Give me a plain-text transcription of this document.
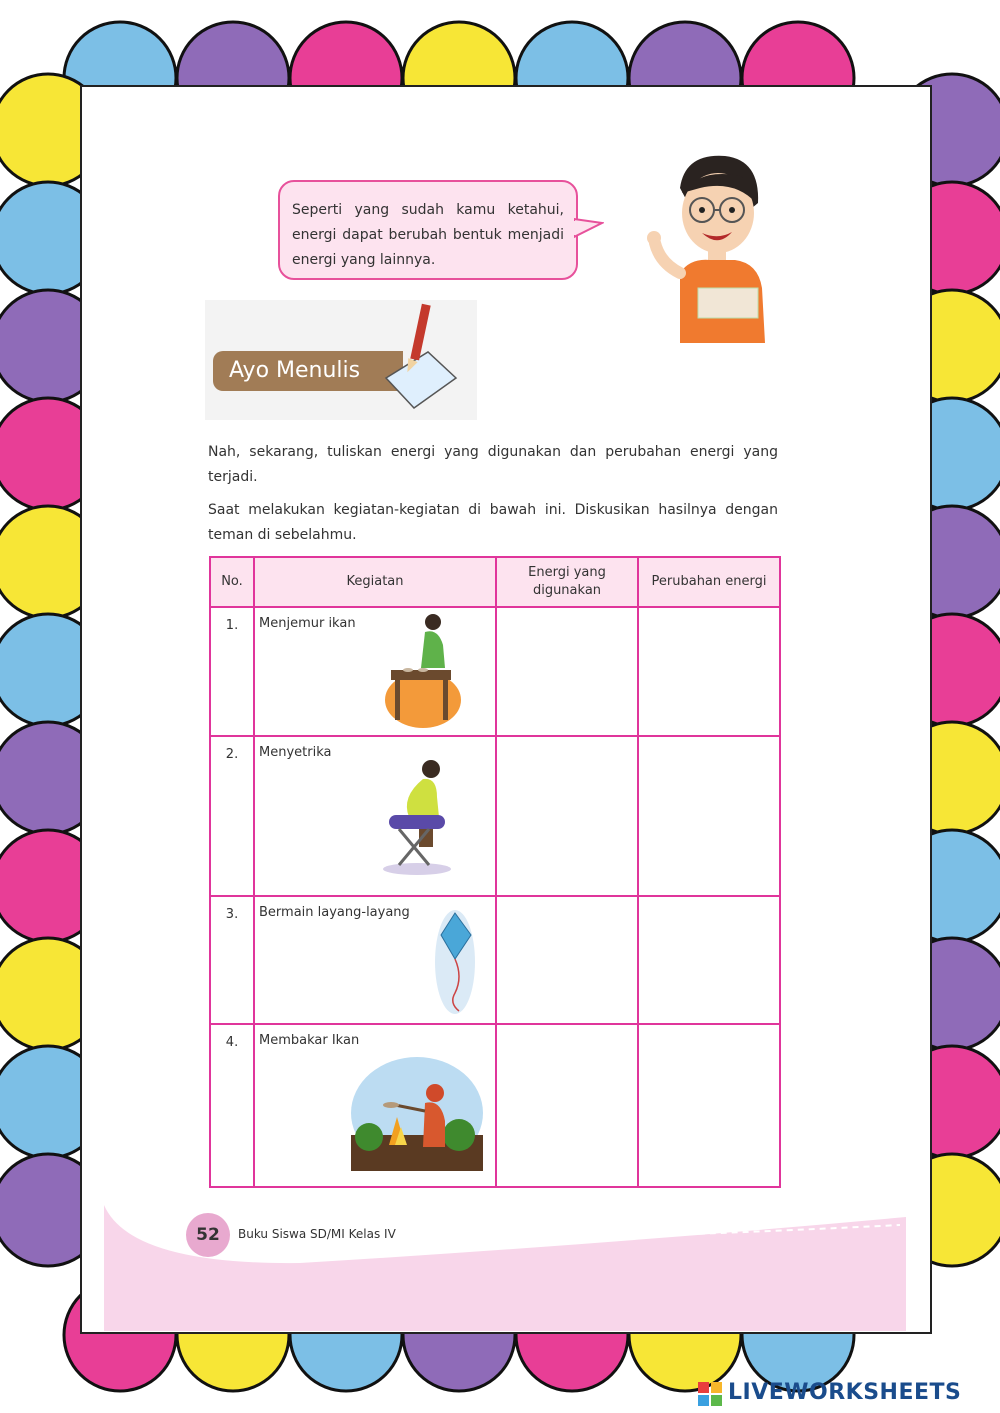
Seperti yang sudah kamu ketahui, energi dapat berubah bentuk menjadi energi yang lainnya.
Ayo Menulis

Nah, sekarang, tuliskan energi yang digunakan dan perubahan energi yang terjadi.

Saat melakukan kegiatan-kegiatan di bawah ini. Diskusikan hasilnya dengan teman di sebelahmu.

No.	Kegiatan	Energi yang digunakan	Perubahan energi
1.	Menjemur ikan		

2.	Menyetrika		

3.	Bermain layang-layang		

4.	Membakar Ikan		

52	Buku Siswa SD/MI Kelas IV
LIVEWORKSHEETS
